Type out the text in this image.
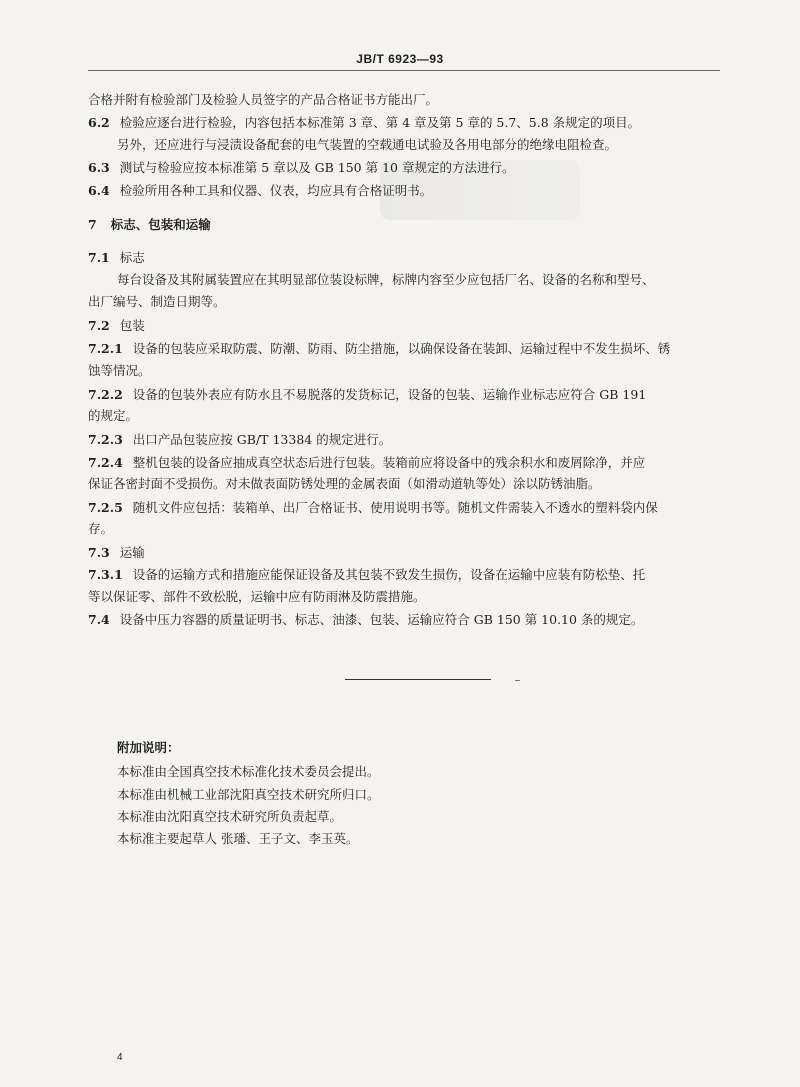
JB/T 6923—93
合格并附有检验部门及检验人员签字的产品合格证书方能出厂。
6.2 检验应逐台进行检验，内容包括本标准第 3 章、第 4 章及第 5 章的 5.7、5.8 条规定的项目。
另外，还应进行与浸渍设备配套的电气装置的空载通电试验及各用电部分的绝缘电阻检查。
6.3 测试与检验应按本标准第 5 章以及 GB 150 第 10 章规定的方法进行。
6.4 检验所用各种工具和仪器、仪表，均应具有合格证明书。
7 标志、包装和运输
7.1 标志
每台设备及其附属装置应在其明显部位装设标牌，标牌内容至少应包括厂名、设备的名称和型号、
出厂编号、制造日期等。
7.2 包装
7.2.1 设备的包装应采取防震、防潮、防雨、防尘措施，以确保设备在装卸、运输过程中不发生损坏、锈
蚀等情况。
7.2.2 设备的包装外表应有防水且不易脱落的发货标记，设备的包装、运输作业标志应符合 GB 191
的规定。
7.2.3 出口产品包装应按 GB/T 13384 的规定进行。
7.2.4 整机包装的设备应抽成真空状态后进行包装。装箱前应将设备中的残余积水和废屑除净，并应
保证各密封面不受损伤。对未做表面防锈处理的金属表面（如滑动道轨等处）涂以防锈油脂。
7.2.5 随机文件应包括：装箱单、出厂合格证书、使用说明书等。随机文件需装入不透水的塑料袋内保
存。
7.3 运输
7.3.1 设备的运输方式和措施应能保证设备及其包装不致发生损伤，设备在运输中应装有防松垫、托
等以保证零、部件不致松脱，运输中应有防雨淋及防震措施。
7.4 设备中压力容器的质量证明书、标志、油漆、包装、运输应符合 GB 150 第 10.10 条的规定。
附加说明：
本标准由全国真空技术标准化技术委员会提出。
本标准由机械工业部沈阳真空技术研究所归口。
本标准由沈阳真空技术研究所负责起草。
本标准主要起草人 张璠、王子文、李玉英。
4
